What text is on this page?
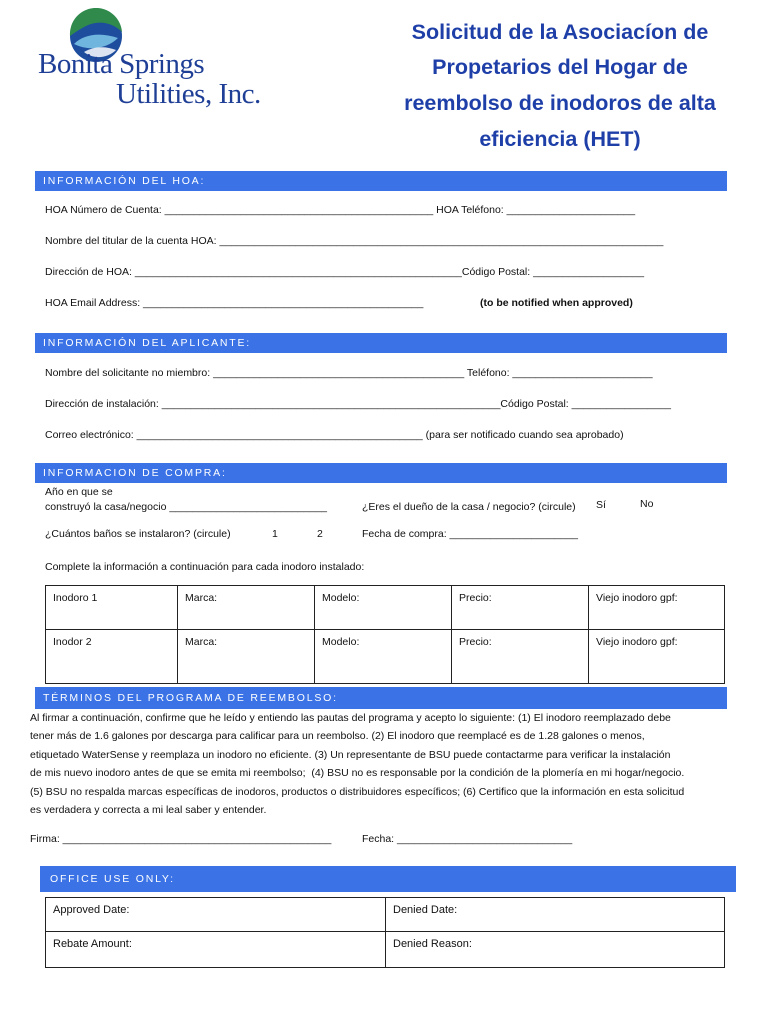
Bonita Springs
Utilities, Inc.
Solicitud de la Asociacíon de
Propetarios del Hogar de
reembolso de inodoros de alta
eficiencia (HET)
INFORMACIÓN DEL HOA:
HOA Número de Cuenta: ______________________________________________ HOA Teléfono: ______________________
Nombre del titular de la cuenta HOA: ____________________________________________________________________________
Dirección de HOA: ________________________________________________________Código Postal: ___________________
HOA Email Address: ________________________________________________	(to be notified when approved)
INFORMACIÓN DEL APLICANTE:
Nombre del solicitante no miembro: ___________________________________________ Teléfono: ________________________
Dirección de instalación: __________________________________________________________Código Postal: _________________
Correo electrónico: _________________________________________________ (para ser notificado cuando sea aprobado)
INFORMACION DE COMPRA:
Año en que se
construyó la casa/negocio ___________________________	¿Eres el dueño de la casa / negocio? (circule) Sí	No
¿Cuántos baños se instalaron? (circule)	1	2	Fecha de compra: ______________________
Complete la información a continuación para cada inodoro instalado:
Inodoro 1	Marca:	Modelo:	Precio:	Viejo inodoro gpf:
Inodor 2	Marca:	Modelo:	Precio:	Viejo inodoro gpf:
TÉRMINOS DEL PROGRAMA DE REEMBOLSO:
Al firmar a continuación, confirme que he leído y entiendo las pautas del programa y acepto lo siguiente: (1) El inodoro reemplazado debe
tener más de 1.6 galones por descarga para calificar para un reembolso. (2) El inodoro que reemplacé es de 1.28 galones o menos,
etiquetado WaterSense y reemplaza un inodoro no eficiente. (3) Un representante de BSU puede contactarme para verificar la instalación
de mis nuevo inodoro antes de que se emita mi reembolso;  (4) BSU no es responsable por la condición de la plomería en mi hogar/negocio.
(5) BSU no respalda marcas específicas de inodoros, productos o distribuidores específicos; (6) Certifico que la información en esta solicitud
es verdadera y correcta a mi leal saber y entender.
Firma: ______________________________________________	Fecha: ______________________________
OFFICE USE ONLY:
Approved Date:	Denied Date:
Rebate Amount:	Denied Reason:
